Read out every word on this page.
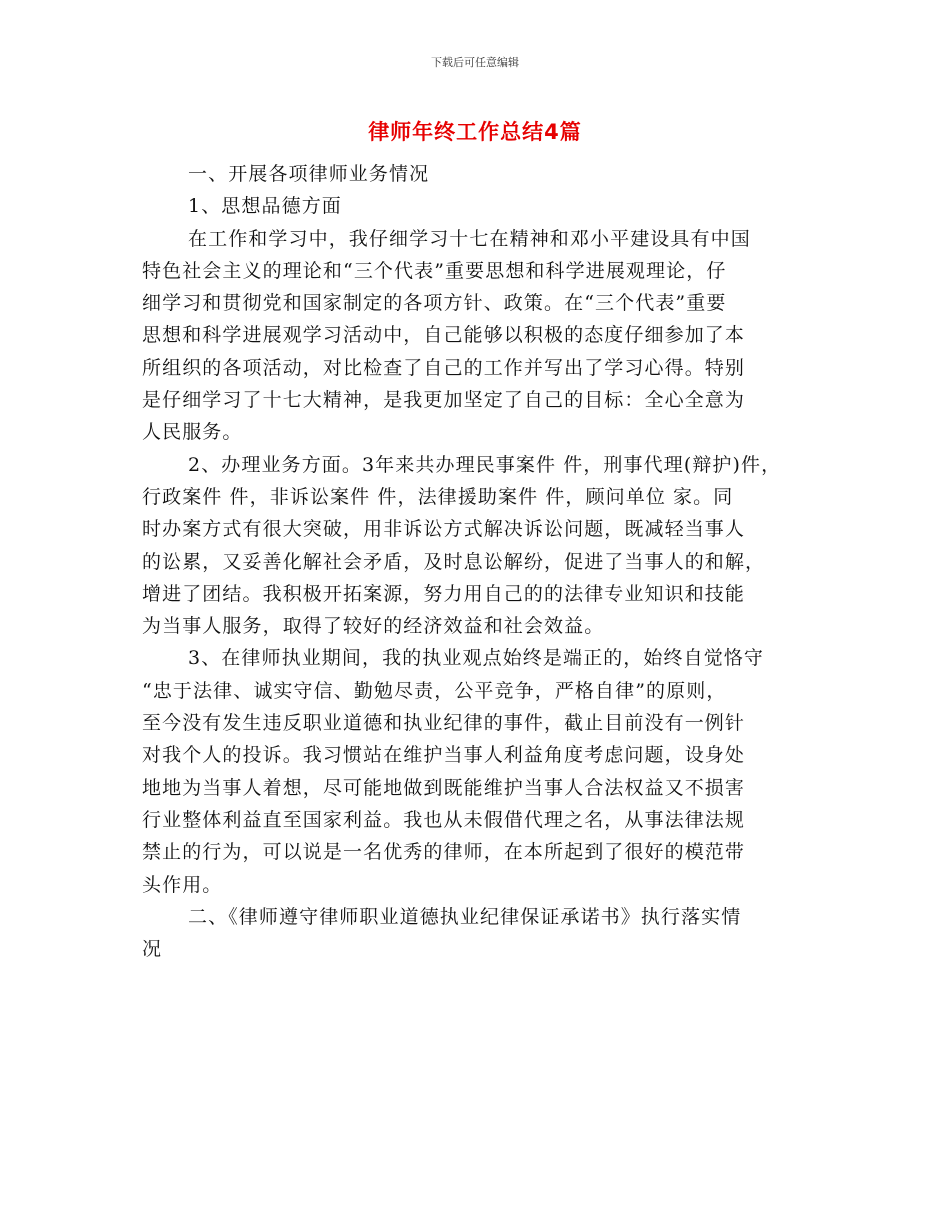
下载后可任意编辑
律师年终工作总结4篇
一、开展各项律师业务情况
1、思想品德方面
在工作和学习中，我仔细学习十七在精神和邓小平建设具有中国
特色社会主义的理论和“三个代表”重要思想和科学进展观理论，仔
细学习和贯彻党和国家制定的各项方针、政策。在“三个代表”重要
思想和科学进展观学习活动中，自己能够以积极的态度仔细参加了本
所组织的各项活动，对比检查了自己的工作并写出了学习心得。特别
是仔细学习了十七大精神，是我更加坚定了自己的目标：全心全意为
人民服务。
2、办理业务方面。3年来共办理民事案件 件，刑事代理(辩护)件，
行政案件 件，非诉讼案件 件，法律援助案件 件，顾问单位 家。同
时办案方式有很大突破，用非诉讼方式解决诉讼问题，既减轻当事人
的讼累，又妥善化解社会矛盾，及时息讼解纷，促进了当事人的和解，
增进了团结。我积极开拓案源，努力用自己的的法律专业知识和技能
为当事人服务，取得了较好的经济效益和社会效益。
3、在律师执业期间，我的执业观点始终是端正的，始终自觉恪守
“忠于法律、诚实守信、勤勉尽责，公平竞争，严格自律”的原则，
至今没有发生违反职业道德和执业纪律的事件，截止目前没有一例针
对我个人的投诉。我习惯站在维护当事人利益角度考虑问题，设身处
地地为当事人着想，尽可能地做到既能维护当事人合法权益又不损害
行业整体利益直至国家利益。我也从未假借代理之名，从事法律法规
禁止的行为，可以说是一名优秀的律师，在本所起到了很好的模范带
头作用。
二、《律师遵守律师职业道德执业纪律保证承诺书》执行落实情
况
